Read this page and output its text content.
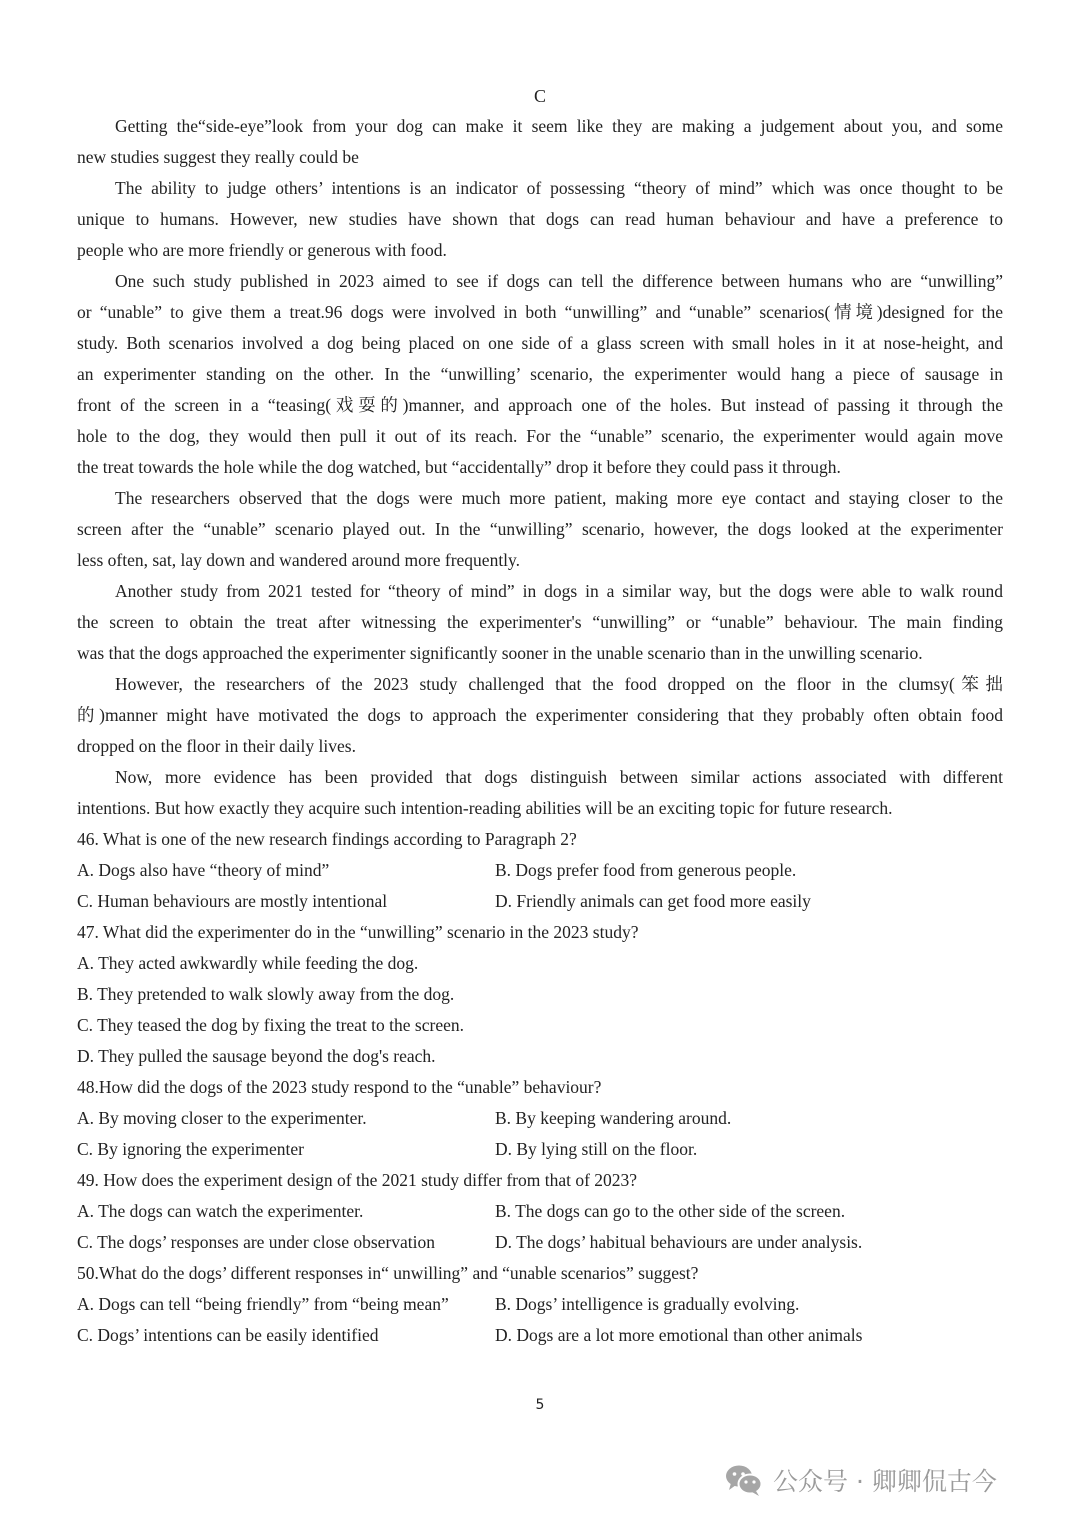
C
Getting the“side-eye”look from your dog can make it seem like they are making a judgement about you, and some
new studies suggest they really could be
The ability to judge others’ intentions is an indicator of possessing “theory of mind” which was once thought to be
unique to humans. However, new studies have shown that dogs can read human behaviour and have a preference to
people who are more friendly or generous with food.
One such study published in 2023 aimed to see if dogs can tell the difference between humans who are “unwilling”
or “unable” to give them a treat.96 dogs were involved in both “unwilling” and “unable” scenarios(情境)designed for the
study. Both scenarios involved a dog being placed on one side of a glass screen with small holes in it at nose-height, and
an experimenter standing on the other. In the “unwilling’ scenario, the experimenter would hang a piece of sausage in
front of the screen in a “teasing(戏耍的)manner, and approach one of the holes. But instead of passing it through the
hole to the dog, they would then pull it out of its reach. For the “unable” scenario, the experimenter would again move
the treat towards the hole while the dog watched, but “accidentally” drop it before they could pass it through.
The researchers observed that the dogs were much more patient, making more eye contact and staying closer to the
screen after the “unable” scenario played out. In the “unwilling” scenario, however, the dogs looked at the experimenter
less often, sat, lay down and wandered around more frequently.
Another study from 2021 tested for “theory of mind” in dogs in a similar way, but the dogs were able to walk round
the screen to obtain the treat after witnessing the experimenter's “unwilling” or “unable” behaviour. The main finding
was that the dogs approached the experimenter significantly sooner in the unable scenario than in the unwilling scenario.
However, the researchers of the 2023 study challenged that the food dropped on the floor in the clumsy(笨拙
的)manner might have motivated the dogs to approach the experimenter considering that they probably often obtain food
dropped on the floor in their daily lives.
Now, more evidence has been provided that dogs distinguish between similar actions associated with different
intentions. But how exactly they acquire such intention-reading abilities will be an exciting topic for future research.
46. What is one of the new research findings according to Paragraph 2?
A. Dogs also have “theory of mind”	B. Dogs prefer food from generous people.
C. Human behaviours are mostly intentional	D. Friendly animals can get food more easily
47. What did the experimenter do in the “unwilling” scenario in the 2023 study?
A. They acted awkwardly while feeding the dog.
B. They pretended to walk slowly away from the dog.
C. They teased the dog by fixing the treat to the screen.
D. They pulled the sausage beyond the dog's reach.
48.How did the dogs of the 2023 study respond to the “unable” behaviour?
A. By moving closer to the experimenter.	B. By keeping wandering around.
C. By ignoring the experimenter	D. By lying still on the floor.
49. How does the experiment design of the 2021 study differ from that of 2023?
A. The dogs can watch the experimenter.	B. The dogs can go to the other side of the screen.
C. The dogs’ responses are under close observation	D. The dogs’ habitual behaviours are under analysis.
50.What do the dogs’ different responses in“ unwilling” and “unable scenarios” suggest?
A. Dogs can tell “being friendly” from “being mean”	B. Dogs’ intelligence is gradually evolving.
C. Dogs’ intentions can be easily identified	D. Dogs are a lot more emotional than other animals
5
公众号 · 卿卿侃古今
